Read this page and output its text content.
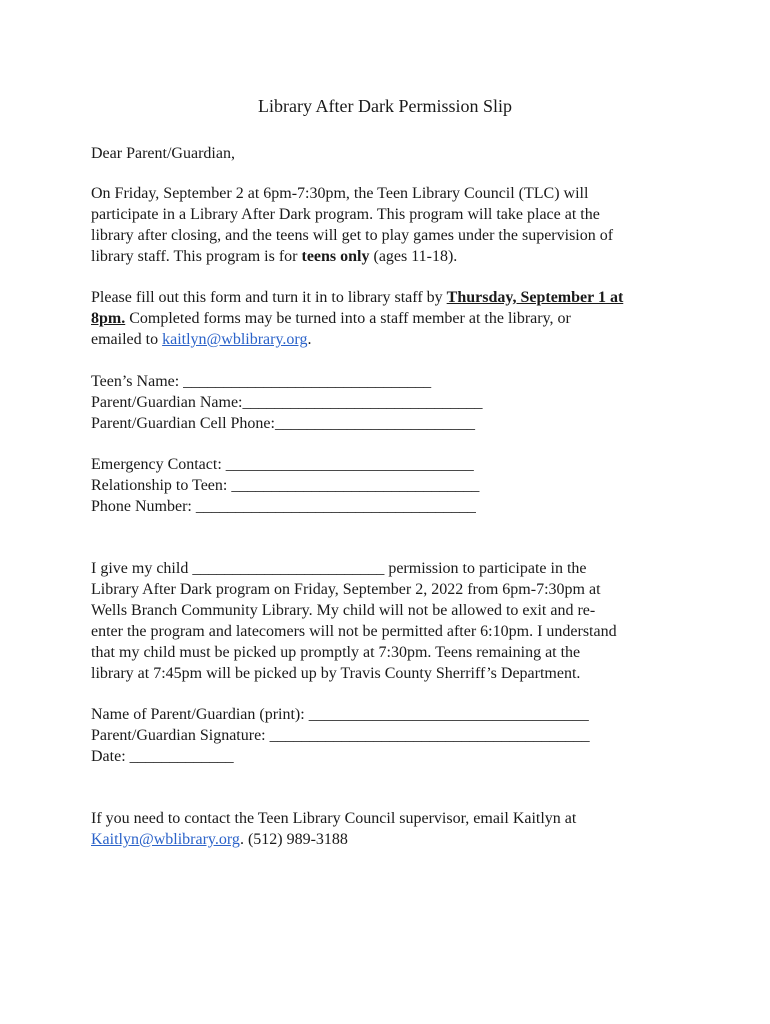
Library After Dark Permission Slip
Dear Parent/Guardian,
On Friday, September 2 at 6pm-7:30pm, the Teen Library Council (TLC) will
participate in a Library After Dark program. This program will take place at the
library after closing, and the teens will get to play games under the supervision of
library staff. This program is for teens only (ages 11-18).
Please fill out this form and turn it in to library staff by Thursday, September 1 at
8pm. Completed forms may be turned into a staff member at the library, or
emailed to kaitlyn@wblibrary.org.
Teen’s Name: _______________________________
Parent/Guardian Name:______________________________
Parent/Guardian Cell Phone:_________________________
Emergency Contact: _______________________________
Relationship to Teen: _______________________________
Phone Number: ___________________________________
I give my child ________________________ permission to participate in the
Library After Dark program on Friday, September 2, 2022 from 6pm-7:30pm at
Wells Branch Community Library. My child will not be allowed to exit and re-
enter the program and latecomers will not be permitted after 6:10pm. I understand
that my child must be picked up promptly at 7:30pm. Teens remaining at the
library at 7:45pm will be picked up by Travis County Sherriff’s Department.
Name of Parent/Guardian (print): ___________________________________
Parent/Guardian Signature: ________________________________________
Date: _____________
If you need to contact the Teen Library Council supervisor, email Kaitlyn at
Kaitlyn@wblibrary.org. (512) 989-3188
